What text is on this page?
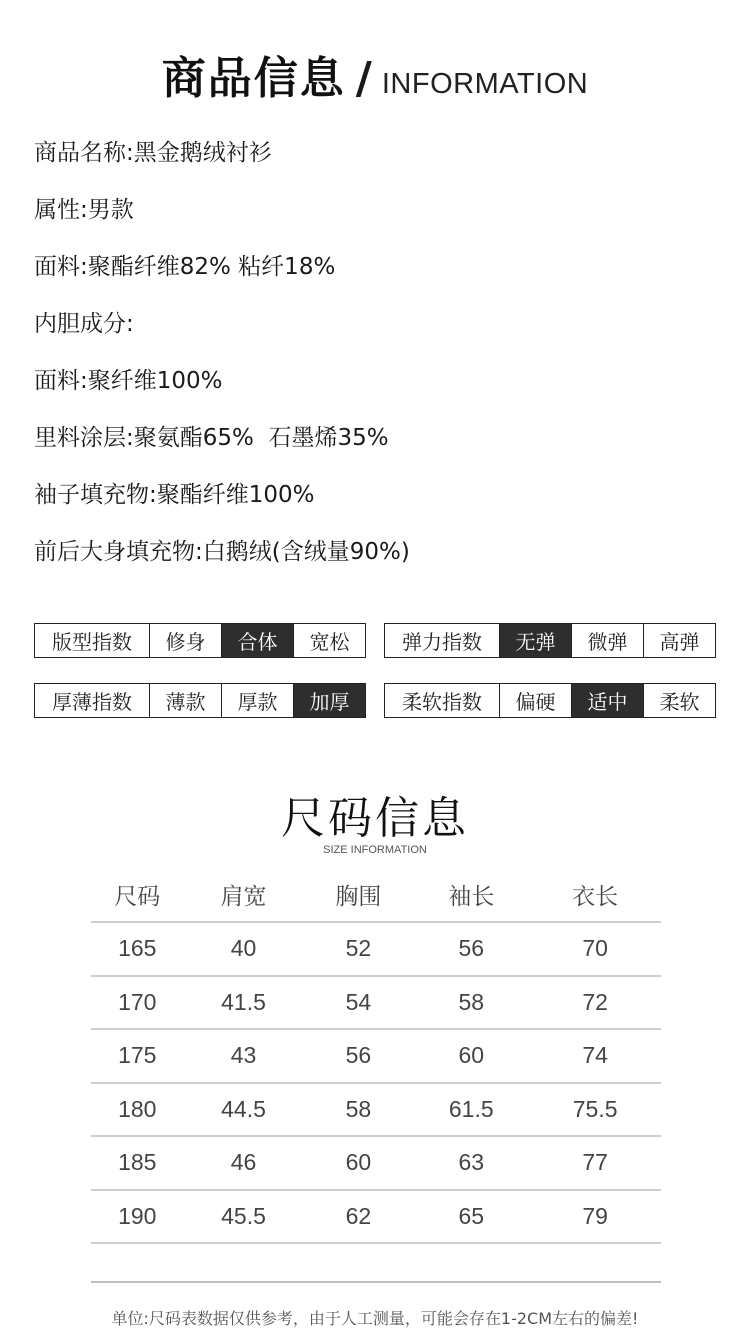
商品信息 / INFORMATION
商品名称:黑金鹅绒衬衫
属性:男款
面料:聚酯纤维82% 粘纤18%
内胆成分:
面料:聚纤维100%
里料涂层:聚氨酯65%  石墨烯35%
袖子填充物:聚酯纤维100%
前后大身填充物:白鹅绒(含绒量90%)
版型指数	修身	合体	宽松	弹力指数	无弹	微弹	高弹
厚薄指数	薄款	厚款	加厚	柔软指数	偏硬	适中	柔软
尺码信息
SIZE INFORMATION
尺码	肩宽	胸围	袖长	衣长
165	40	52	56	70
170	41.5	54	58	72
175	43	56	60	74
180	44.5	58	61.5	75.5
185	46	60	63	77
190	45.5	62	65	79
单位:尺码表数据仅供参考，由于人工测量，可能会存在1-2CM左右的偏差!
